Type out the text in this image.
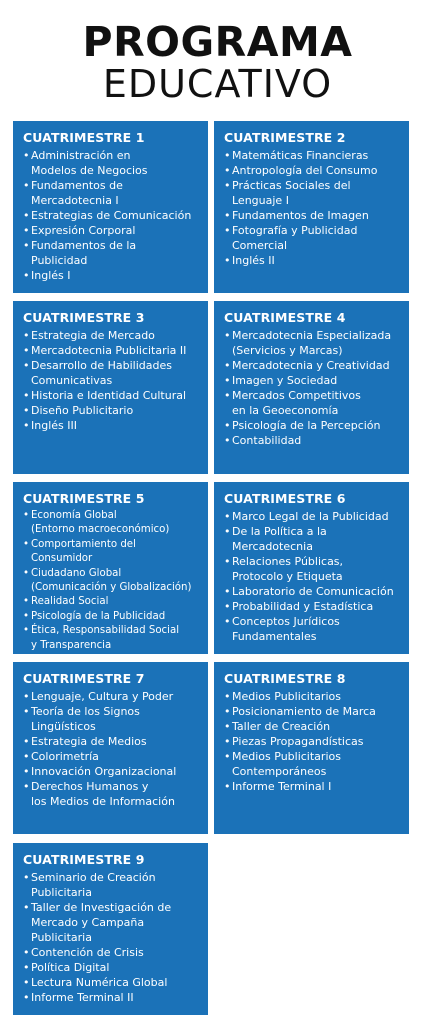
PROGRAMA
EDUCATIVO
CUATRIMESTRE 1
• Administración en
Modelos de Negocios
• Fundamentos de
Mercadotecnia I
• Estrategias de Comunicación
• Expresión Corporal
• Fundamentos de la
Publicidad
• Inglés I
CUATRIMESTRE 2
• Matemáticas Financieras
• Antropología del Consumo
• Prácticas Sociales del
Lenguaje I
• Fundamentos de Imagen
• Fotografía y Publicidad
Comercial
• Inglés II
CUATRIMESTRE 3
• Estrategia de Mercado
• Mercadotecnia Publicitaria II
• Desarrollo de Habilidades
Comunicativas
• Historia e Identidad Cultural
• Diseño Publicitario
• Inglés III
CUATRIMESTRE 4
• Mercadotecnia Especializada
(Servicios y Marcas)
• Mercadotecnia y Creatividad
• Imagen y Sociedad
• Mercados Competitivos
en la Geoeconomía
• Psicología de la Percepción
• Contabilidad
CUATRIMESTRE 5
• Economía Global
(Entorno macroeconómico)
• Comportamiento del
Consumidor
• Ciudadano Global
(Comunicación y Globalización)
• Realidad Social
• Psicología de la Publicidad
• Ética, Responsabilidad Social
y Transparencia
CUATRIMESTRE 6
• Marco Legal de la Publicidad
• De la Política a la
Mercadotecnia
• Relaciones Públicas,
Protocolo y Etiqueta
• Laboratorio de Comunicación
• Probabilidad y Estadística
• Conceptos Jurídicos
Fundamentales
CUATRIMESTRE 7
• Lenguaje, Cultura y Poder
• Teoría de los Signos
Lingüísticos
• Estrategia de Medios
• Colorimetría
• Innovación Organizacional
• Derechos Humanos y
los Medios de Información
CUATRIMESTRE 8
• Medios Publicitarios
• Posicionamiento de Marca
• Taller de Creación
• Piezas Propagandísticas
• Medios Publicitarios
Contemporáneos
• Informe Terminal I
CUATRIMESTRE 9
• Seminario de Creación
Publicitaria
• Taller de Investigación de
Mercado y Campaña
Publicitaria
• Contención de Crisis
• Política Digital
• Lectura Numérica Global
• Informe Terminal II
